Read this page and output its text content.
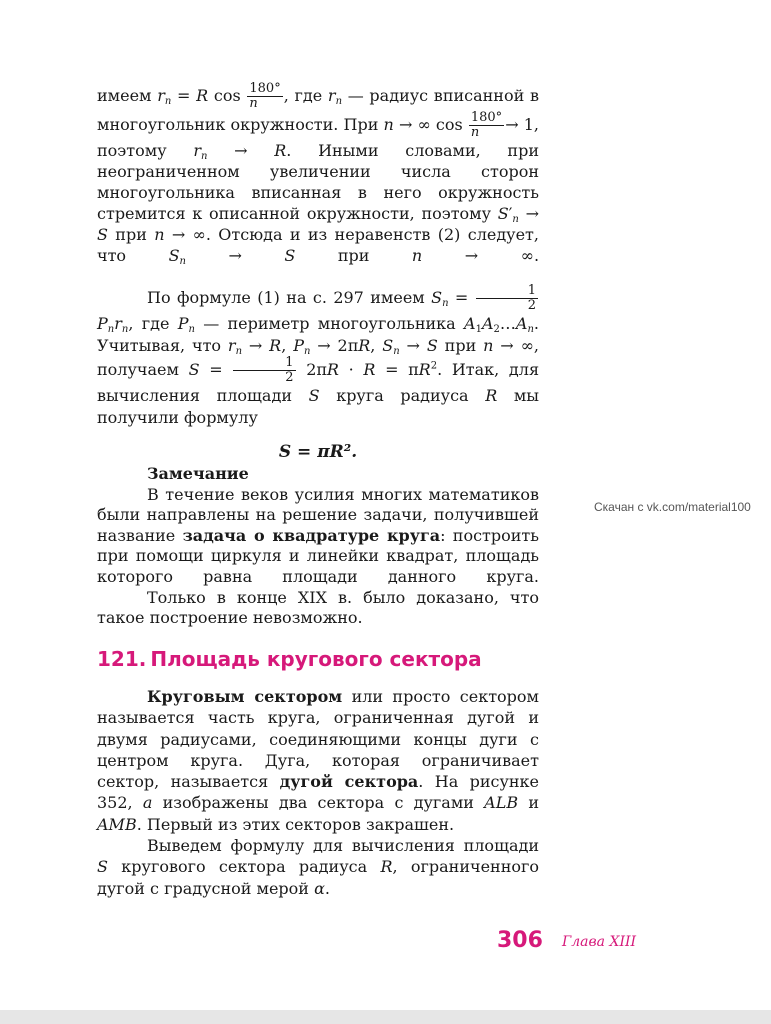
имеем $r_n = R$ $\cos \frac{180^\circ}{n}$ , где $r_n$ — радиус вписанной в многоугольник окружности. При n → ∞ $\cos \frac{180^\circ}{n} \to 1$, поэтому $r_n \to R$. Иными словами, при неограниченном увеличении числа сторон многоугольника вписанная в него окружность стремится к описанной окружности, поэтому $S'_n \to S$ при n → ∞. Отсюда и из неравенств (2) следует, что	$S_n \to S$	при	n → ∞.

По формуле (1) на с. 297 имеем $S_n = \frac{1}{2}$
$P_nr_n$, где $P_n$ — периметр многоугольника $A_1A_2\dots A_n$. Учитывая, что $r_n \to R$, $P_n \to 2\pi R$, $S_n \to S$ при n → ∞, получаем $S = \frac{1}{2} 2\pi R \cdot R = \pi R^2$. Итак, для вычисления площади S круга радиуса R мы получили формулу

S = πR².

Замечание

В течение веков усилия многих математиков были направлены на решение задачи, получившей название задача о квадратуре круга: построить при помощи циркуля и линейки квадрат, площадь которого равна площади данного круга.

Только в конце XIX в. было доказано, что такое построение невозможно.

121. Площадь кругового сектора

Круговым сектором или просто сектором называется часть круга, ограниченная дугой и двумя радиусами, соединяющими концы дуги с центром круга. Дуга, которая ограничивает сектор, называется дугой сектора. На рисунке 352, а изображены два сектора с дугами ALB и AMB. Первый из этих секторов закрашен.

Выведем формулу для вычисления площади S кругового сектора радиуса R, ограниченного дугой с градусной мерой α.

Скачан с vk.com/material100
306 Глава XIII
